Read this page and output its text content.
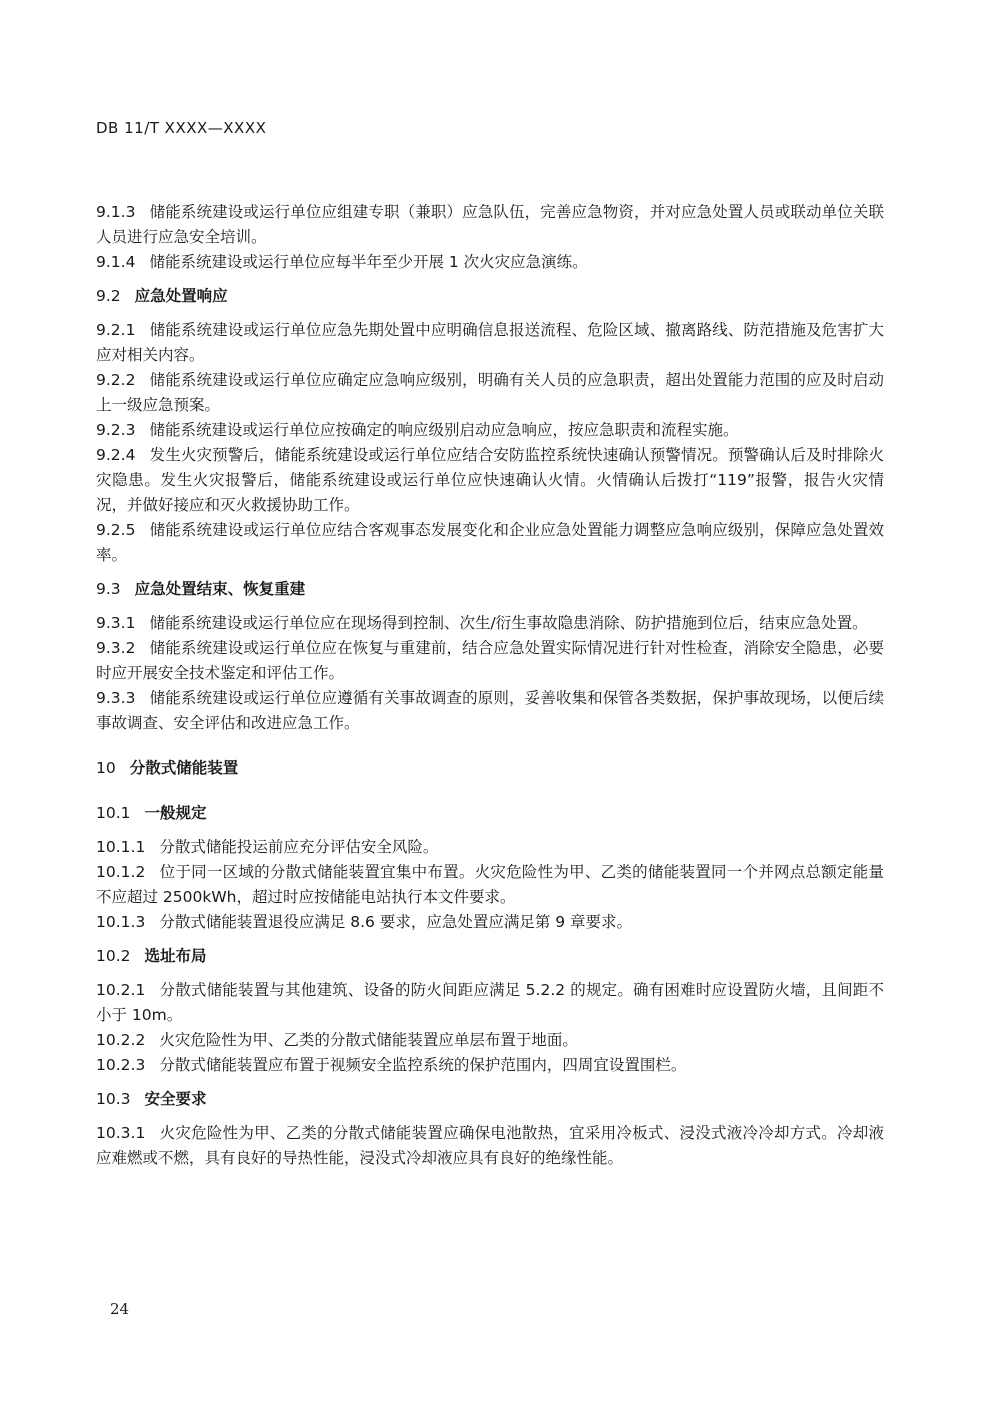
DB 11/T XXXX—XXXX

9.1.3 储能系统建设或运行单位应组建专职（兼职）应急队伍，完善应急物资，并对应急处置人员或联动单位关联人员进行应急安全培训。

9.1.4 储能系统建设或运行单位应每半年至少开展 1 次火灾应急演练。

9.2 应急处置响应

9.2.1 储能系统建设或运行单位应急先期处置中应明确信息报送流程、危险区域、撤离路线、防范措施及危害扩大应对相关内容。

9.2.2 储能系统建设或运行单位应确定应急响应级别，明确有关人员的应急职责，超出处置能力范围的应及时启动上一级应急预案。

9.2.3 储能系统建设或运行单位应按确定的响应级别启动应急响应，按应急职责和流程实施。

9.2.4 发生火灾预警后，储能系统建设或运行单位应结合安防监控系统快速确认预警情况。预警确认后及时排除火灾隐患。发生火灾报警后，储能系统建设或运行单位应快速确认火情。火情确认后拨打“119”报警，报告火灾情况，并做好接应和灭火救援协助工作。

9.2.5 储能系统建设或运行单位应结合客观事态发展变化和企业应急处置能力调整应急响应级别，保障应急处置效率。

9.3 应急处置结束、恢复重建

9.3.1 储能系统建设或运行单位应在现场得到控制、次生/衍生事故隐患消除、防护措施到位后，结束应急处置。

9.3.2 储能系统建设或运行单位应在恢复与重建前，结合应急处置实际情况进行针对性检查，消除安全隐患，必要时应开展安全技术鉴定和评估工作。

9.3.3 储能系统建设或运行单位应遵循有关事故调查的原则，妥善收集和保管各类数据，保护事故现场，以便后续事故调查、安全评估和改进应急工作。

10 分散式储能装置

10.1 一般规定

10.1.1 分散式储能投运前应充分评估安全风险。

10.1.2 位于同一区域的分散式储能装置宜集中布置。火灾危险性为甲、乙类的储能装置同一个并网点总额定能量不应超过 2500kWh，超过时应按储能电站执行本文件要求。

10.1.3 分散式储能装置退役应满足 8.6 要求，应急处置应满足第 9 章要求。

10.2 选址布局

10.2.1 分散式储能装置与其他建筑、设备的防火间距应满足 5.2.2 的规定。确有困难时应设置防火墙，且间距不小于 10m。

10.2.2 火灾危险性为甲、乙类的分散式储能装置应单层布置于地面。

10.2.3 分散式储能装置应布置于视频安全监控系统的保护范围内，四周宜设置围栏。

10.3 安全要求

10.3.1 火灾危险性为甲、乙类的分散式储能装置应确保电池散热，宜采用冷板式、浸没式液冷冷却方式。冷却液应难燃或不燃，具有良好的导热性能，浸没式冷却液应具有良好的绝缘性能。

24
